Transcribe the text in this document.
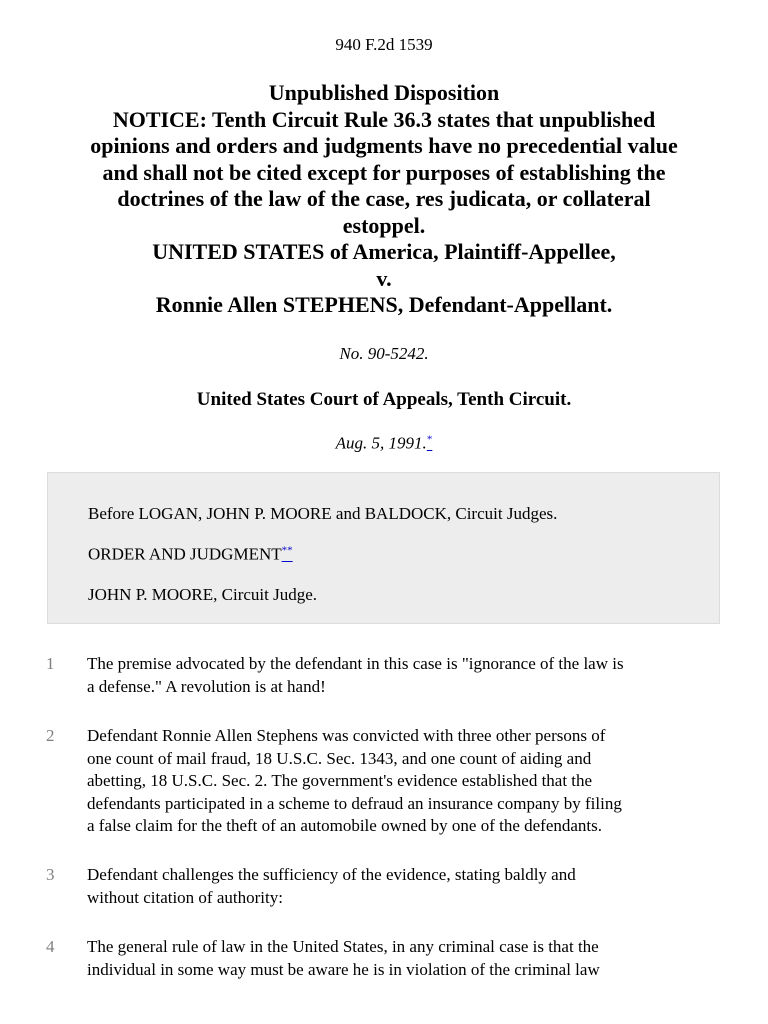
940 F.2d 1539
Unpublished Disposition
NOTICE: Tenth Circuit Rule 36.3 states that unpublished
opinions and orders and judgments have no precedential value
and shall not be cited except for purposes of establishing the
doctrines of the law of the case, res judicata, or collateral
estoppel.
UNITED STATES of America, Plaintiff-Appellee,
v.
Ronnie Allen STEPHENS, Defendant-Appellant.
No. 90-5242.
United States Court of Appeals, Tenth Circuit.
Aug. 5, 1991.*

Before LOGAN, JOHN P. MOORE and BALDOCK, Circuit Judges.

ORDER AND JUDGMENT**

JOHN P. MOORE, Circuit Judge.

1 The premise advocated by the defendant in this case is "ignorance of the law is
a defense." A revolution is at hand!
2 Defendant Ronnie Allen Stephens was convicted with three other persons of
one count of mail fraud, 18 U.S.C. Sec. 1343, and one count of aiding and
abetting, 18 U.S.C. Sec. 2. The government's evidence established that the
defendants participated in a scheme to defraud an insurance company by filing
a false claim for the theft of an automobile owned by one of the defendants.
3 Defendant challenges the sufficiency of the evidence, stating baldly and
without citation of authority:
4 The general rule of law in the United States, in any criminal case is that the
individual in some way must be aware he is in violation of the criminal law
